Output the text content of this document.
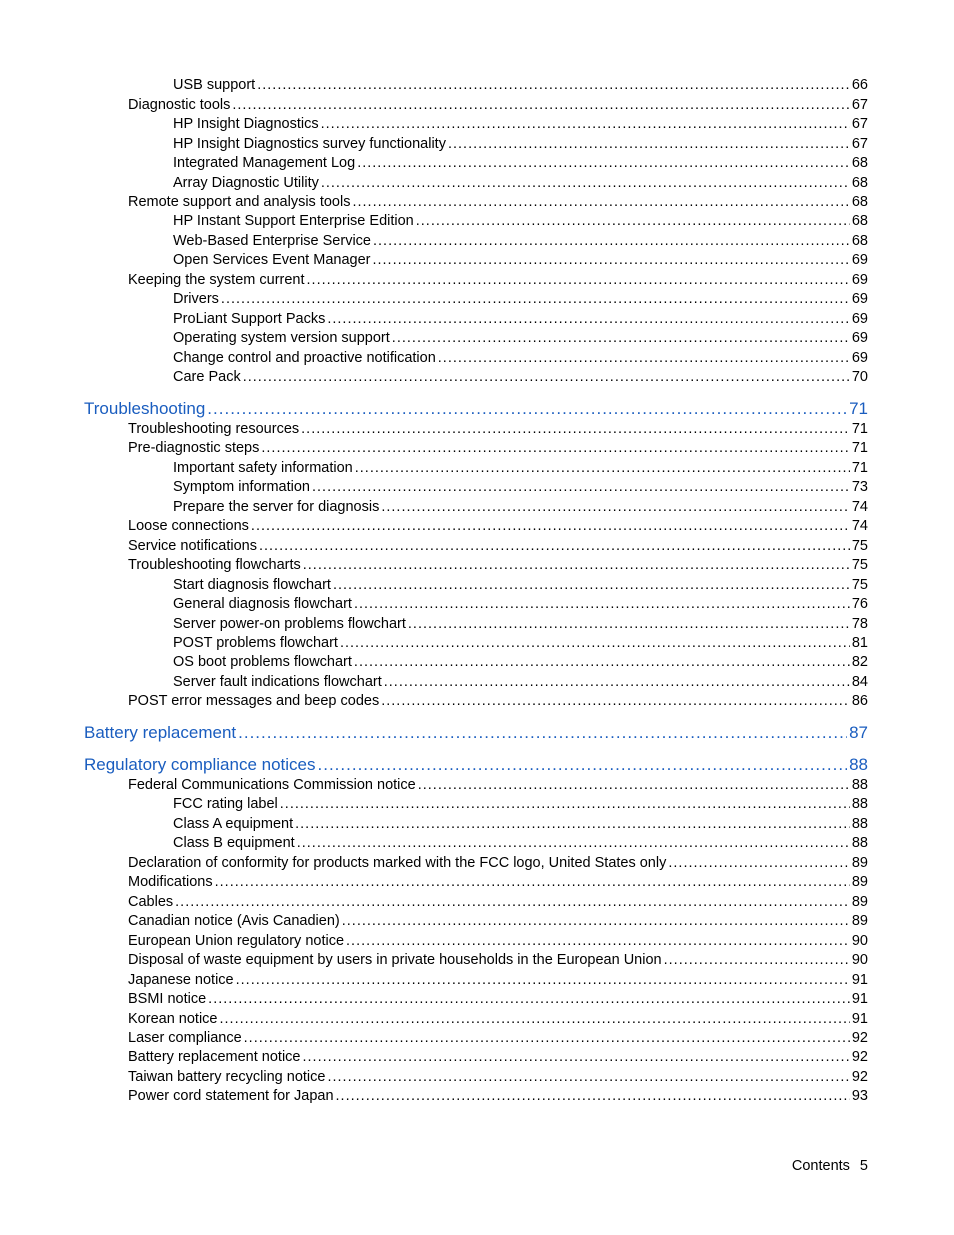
USB support .....	66
Diagnostic tools .....	67
HP Insight Diagnostics .....	67
HP Insight Diagnostics survey functionality .....	67
Integrated Management Log .....	68
Array Diagnostic Utility .....	68
Remote support and analysis tools .....	68
HP Instant Support Enterprise Edition .....	68
Web-Based Enterprise Service .....	68
Open Services Event Manager .....	69
Keeping the system current .....	69
Drivers .....	69
ProLiant Support Packs .....	69
Operating system version support .....	69
Change control and proactive notification .....	69
Care Pack .....	70
Troubleshooting .....	71
Troubleshooting resources .....	71
Pre-diagnostic steps .....	71
Important safety information .....	71
Symptom information .....	73
Prepare the server for diagnosis .....	74
Loose connections .....	74
Service notifications .....	75
Troubleshooting flowcharts .....	75
Start diagnosis flowchart .....	75
General diagnosis flowchart .....	76
Server power-on problems flowchart .....	78
POST problems flowchart .....	81
OS boot problems flowchart .....	82
Server fault indications flowchart .....	84
POST error messages and beep codes .....	86
Battery replacement .....	87
Regulatory compliance notices .....	88
Federal Communications Commission notice .....	88
FCC rating label .....	88
Class A equipment .....	88
Class B equipment .....	88
Declaration of conformity for products marked with the FCC logo, United States only .....	89
Modifications .....	89
Cables .....	89
Canadian notice (Avis Canadien) .....	89
European Union regulatory notice .....	90
Disposal of waste equipment by users in private households in the European Union .....	90
Japanese notice .....	91
BSMI notice .....	91
Korean notice .....	91
Laser compliance .....	92
Battery replacement notice .....	92
Taiwan battery recycling notice .....	92
Power cord statement for Japan .....	93
Contents 5
